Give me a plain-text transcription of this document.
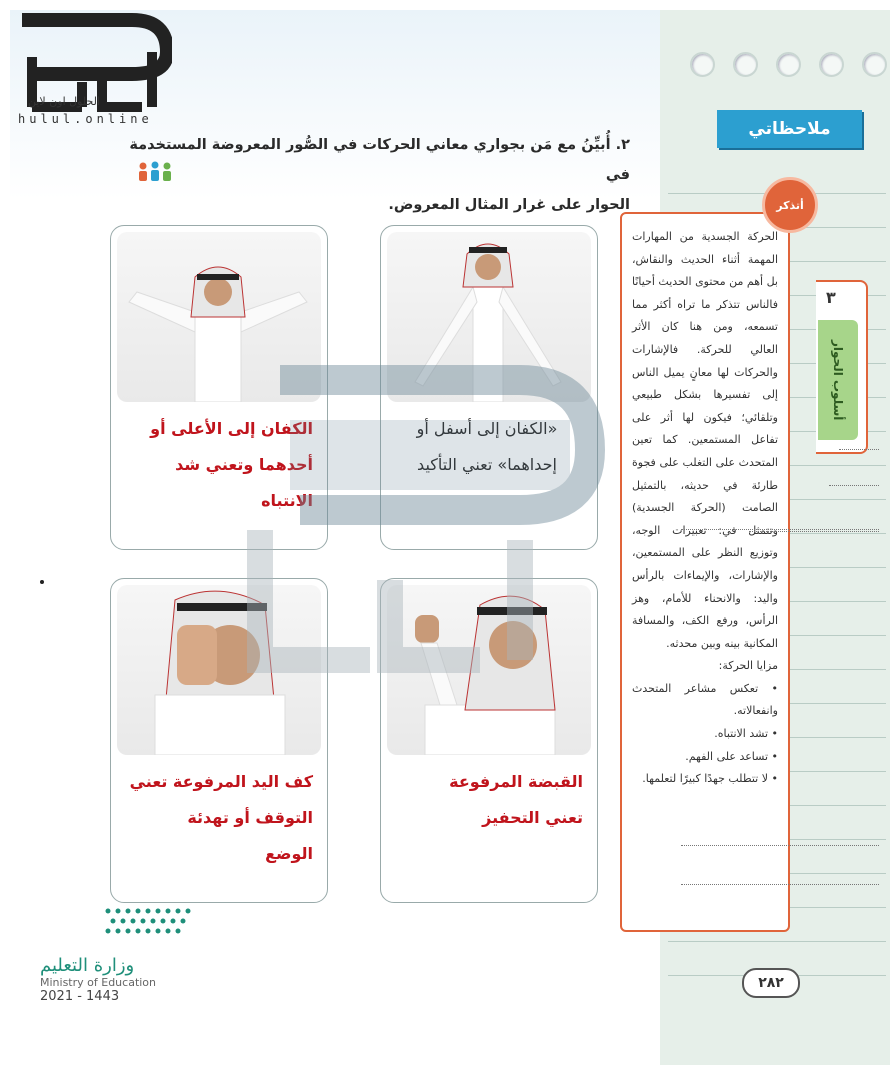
الحلول اون لاين
hulul.online	ملاحظاتي
٣
أسلوب الحوار

الحركة الجسدية من المهارات المهمة أثناء الحديث والنقاش، بل أهم من محتوى الحديث أحيانًا فالناس تتذكر ما تراه أكثر مما تسمعه، ومن هنا كان الأثر العالي للحركة. فالإشارات والحركات لها معانٍ يميل الناس إلى تفسيرها بشكل طبيعي وتلقائي؛ فيكون لها أثر على تفاعل المستمعين. كما تعين المتحدث على التغلب على فجوة طارئة في حديثه، بالتمثيل الصامت (الحركة الجسدية) وتتمثل في: تعبيرات الوجه، وتوزيع النظر على المستمعين، والإشارات، والإيماءات بالرأس واليد: والانحناء للأمام، وهز الرأس، ورفع الكف، والمسافة المكانية بينه وبين محدثه.

مزايا الحركة:

• تعكس مشاعر المتحدث وانفعالاته.

• تشد الانتباه.

• تساعد على الفهم.

• لا تتطلب جهدًا كبيرًا لتعلمها.

أتذكر
٢٨٢
٢. أُبيِّنُ مع مَن بجواري معاني الحركات في الصُّور المعروضة المستخدمة في
الحوار على غرار المثال المعروض.
«الكفان إلى أسفل أو
إحداهما» تعني التأكيد
الكفان إلى الأعلى أو
أحدهما وتعني شد
الانتباه
القبضة المرفوعة
تعني التحفيز
كف اليد المرفوعة تعني
التوقف أو تهدئة
الوضع
وزارة التعليم
Ministry of Education
2021 - 1443
